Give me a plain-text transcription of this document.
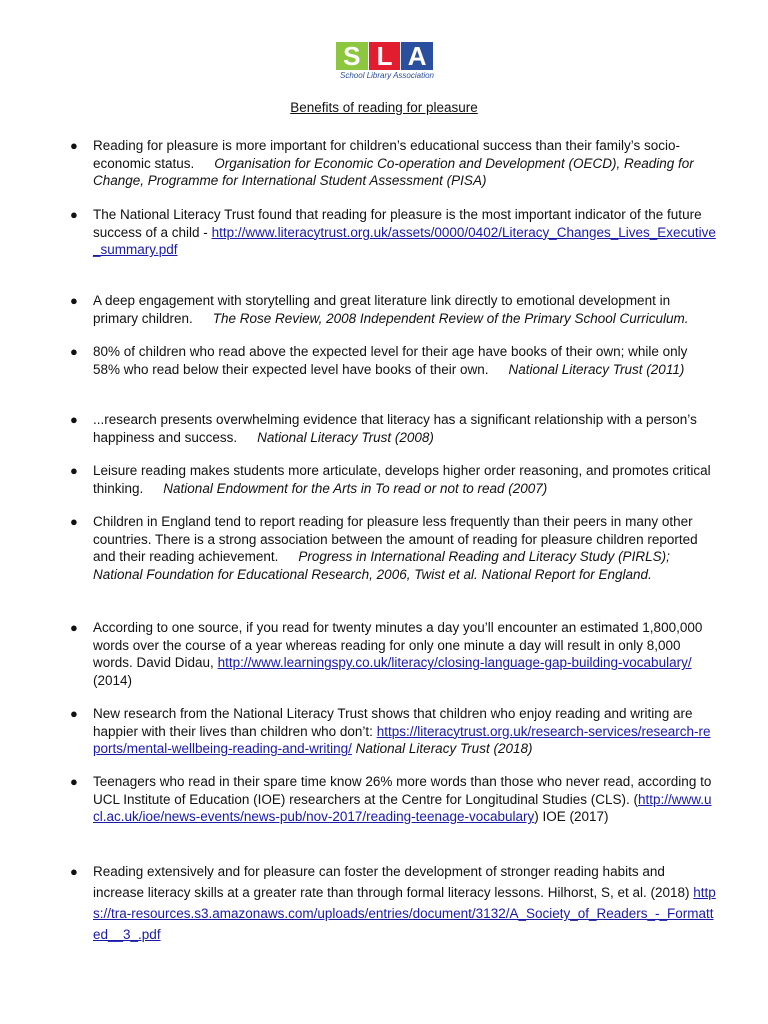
S L A
School Library Association
Benefits of reading for pleasure
● Reading for pleasure is more important for children’s educational success than their family’s socio-economic status. Organisation for Economic Co-operation and Development (OECD), Reading for Change, Programme for International Student Assessment (PISA)
● The National Literacy Trust found that reading for pleasure is the most important indicator of the future success of a child - http://www.literacytrust.org.uk/assets/0000/0402/Literacy_Changes_Lives_Executive_summary.pdf
● A deep engagement with storytelling and great literature link directly to emotional development in primary children. The Rose Review, 2008 Independent Review of the Primary School Curriculum.
● 80% of children who read above the expected level for their age have books of their own; while only 58% who read below their expected level have books of their own. National Literacy Trust (2011)
● ...research presents overwhelming evidence that literacy has a significant relationship with a person’s happiness and success. National Literacy Trust (2008)
● Leisure reading makes students more articulate, develops higher order reasoning, and promotes critical thinking. National Endowment for the Arts in To read or not to read (2007)
● Children in England tend to report reading for pleasure less frequently than their peers in many other countries. There is a strong association between the amount of reading for pleasure children reported and their reading achievement. Progress in International Reading and Literacy Study (PIRLS); National Foundation for Educational Research, 2006, Twist et al. National Report for England.
● According to one source, if you read for twenty minutes a day you’ll encounter an estimated 1,800,000 words over the course of a year whereas reading for only one minute a day will result in only 8,000 words. David Didau, http://www.learningspy.co.uk/literacy/closing-language-gap-building-vocabulary/ (2014)
● New research from the National Literacy Trust shows that children who enjoy reading and writing are happier with their lives than children who don’t: https://literacytrust.org.uk/research-services/research-reports/mental-wellbeing-reading-and-writing/ National Literacy Trust (2018)
● Teenagers who read in their spare time know 26% more words than those who never read, according to UCL Institute of Education (IOE) researchers at the Centre for Longitudinal Studies (CLS). (http://www.ucl.ac.uk/ioe/news-events/news-pub/nov-2017/reading-teenage-vocabulary) IOE (2017)
● Reading extensively and for pleasure can foster the development of stronger reading habits and increase literacy skills at a greater rate than through formal literacy lessons. Hilhorst, S, et al. (2018) https://tra-resources.s3.amazonaws.com/uploads/entries/document/3132/A_Society_of_Readers_-_Formatted__3_.pdf
